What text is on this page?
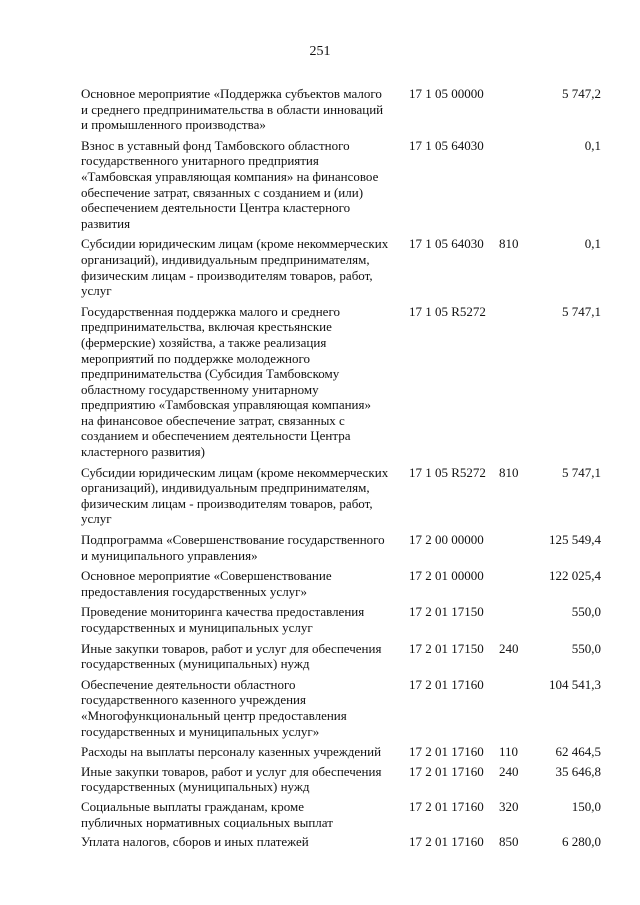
251
Основное мероприятие «Поддержка субъектов малого
и среднего предпринимательства в области инноваций
и промышленного производства»
17 1 05 00000	5 747,2
Взнос в уставный фонд Тамбовского областного
государственного унитарного предприятия
«Тамбовская управляющая компания» на финансовое
обеспечение затрат, связанных с созданием и (или)
обеспечением деятельности Центра кластерного
развития
17 1 05 64030	0,1
Субсидии юридическим лицам (кроме некоммерческих
организаций), индивидуальным предпринимателям,
физическим лицам - производителям товаров, работ,
услуг
17 1 05 64030	810	0,1
Государственная поддержка малого и среднего
предпринимательства, включая крестьянские
(фермерские) хозяйства, а также реализация
мероприятий по поддержке молодежного
предпринимательства (Субсидия Тамбовскому
областному государственному унитарному
предприятию «Тамбовская управляющая компания»
на финансовое обеспечение затрат, связанных с
созданием и обеспечением деятельности Центра
кластерного развития)
17 1 05 R5272	5 747,1
Субсидии юридическим лицам (кроме некоммерческих
организаций), индивидуальным предпринимателям,
физическим лицам - производителям товаров, работ,
услуг
17 1 05 R5272	810	5 747,1
Подпрограмма «Совершенствование государственного
и муниципального управления»
17 2 00 00000	125 549,4
Основное мероприятие «Совершенствование
предоставления государственных услуг»
17 2 01 00000	122 025,4
Проведение мониторинга качества предоставления
государственных и муниципальных услуг
17 2 01 17150	550,0
Иные закупки товаров, работ и услуг для обеспечения
государственных (муниципальных) нужд
17 2 01 17150	240	550,0
Обеспечение деятельности областного
государственного казенного учреждения
«Многофункциональный центр предоставления
государственных и муниципальных услуг»
17 2 01 17160	104 541,3
Расходы на выплаты персоналу казенных учреждений	17 2 01 17160	110	62 464,5
Иные закупки товаров, работ и услуг для обеспечения
государственных (муниципальных) нужд
17 2 01 17160	240	35 646,8
Социальные выплаты гражданам, кроме
публичных нормативных социальных выплат
17 2 01 17160	320	150,0
Уплата налогов, сборов и иных платежей	17 2 01 17160	850	6 280,0
